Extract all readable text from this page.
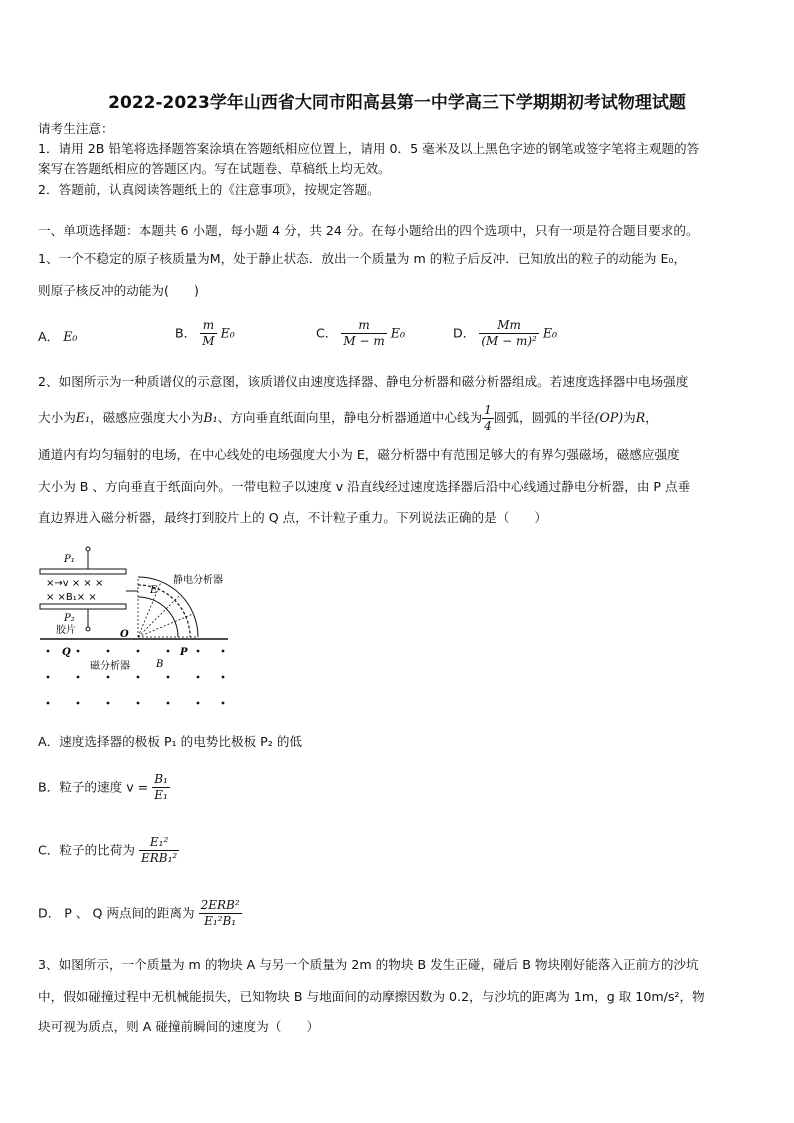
2022-2023学年山西省大同市阳高县第一中学高三下学期期初考试物理试题
请考生注意：
1．请用 2B 铅笔将选择题答案涂填在答题纸相应位置上，请用 0．5 毫米及以上黑色字迹的钢笔或签字笔将主观题的答
案写在答题纸相应的答题区内。写在试题卷、草稿纸上均无效。
2．答题前，认真阅读答题纸上的《注意事项》，按规定答题。
一、单项选择题：本题共 6 小题，每小题 4 分，共 24 分。在每小题给出的四个选项中，只有一项是符合题目要求的。
1、一个不稳定的原子核质量为M，处于静止状态．放出一个质量为 m 的粒子后反冲．已知放出的粒子的动能为 E₀，
则原子核反冲的动能为(　　)
A． E₀	B． $\frac{m}{M} E_0$	C． $\frac{m}{M - m} E_0$	D． $\frac{Mm}{\text{(M − m)²}} E_0$
2、如图所示为一种质谱仪的示意图，该质谱仪由速度选择器、静电分析器和磁分析器组成。若速度选择器中电场强度
大小为E₁，磁感应强度大小为B₁、方向垂直纸面向里，静电分析器通道中心线为 $\frac{1}{4}$ 圆弧，圆弧的半径(OP)为R，
通道内有均匀辐射的电场，在中心线处的电场强度大小为 E，磁分析器中有范围足够大的有界匀强磁场，磁感应强度
大小为 B 、方向垂直于纸面向外。一带电粒子以速度 v 沿直线经过速度选择器后沿中心线通过静电分析器，由 P 点垂
直边界进入磁分析器，最终打到胶片上的 Q 点，不计粒子重力。下列说法正确的是（　　）
P₁
×→v × × ×
× ×B₁× ×
P₂
E
静电分析器
胶片	O
Q	P
B
磁分析器
A．速度选择器的极板 P₁ 的电势比极板 P₂ 的低
B．粒子的速度 $v = \frac{\text{B₁}}{\text{E₁}}$
C．粒子的比荷为 $\frac{\text{E₁²}}{\text{ERB₁²}}$
D． P 、 Q 两点间的距离为 $\frac{\text{2ERB²}}{\text{E₁²B₁}}$
3、如图所示，一个质量为 m 的物块 A 与另一个质量为 2m 的物块 B 发生正碰，碰后 B 物块刚好能落入正前方的沙坑
中，假如碰撞过程中无机械能损失，已知物块 B 与地面间的动摩擦因数为 0.2，与沙坑的距离为 1m，g 取 10m/s²，物
块可视为质点，则 A 碰撞前瞬间的速度为（　　）
